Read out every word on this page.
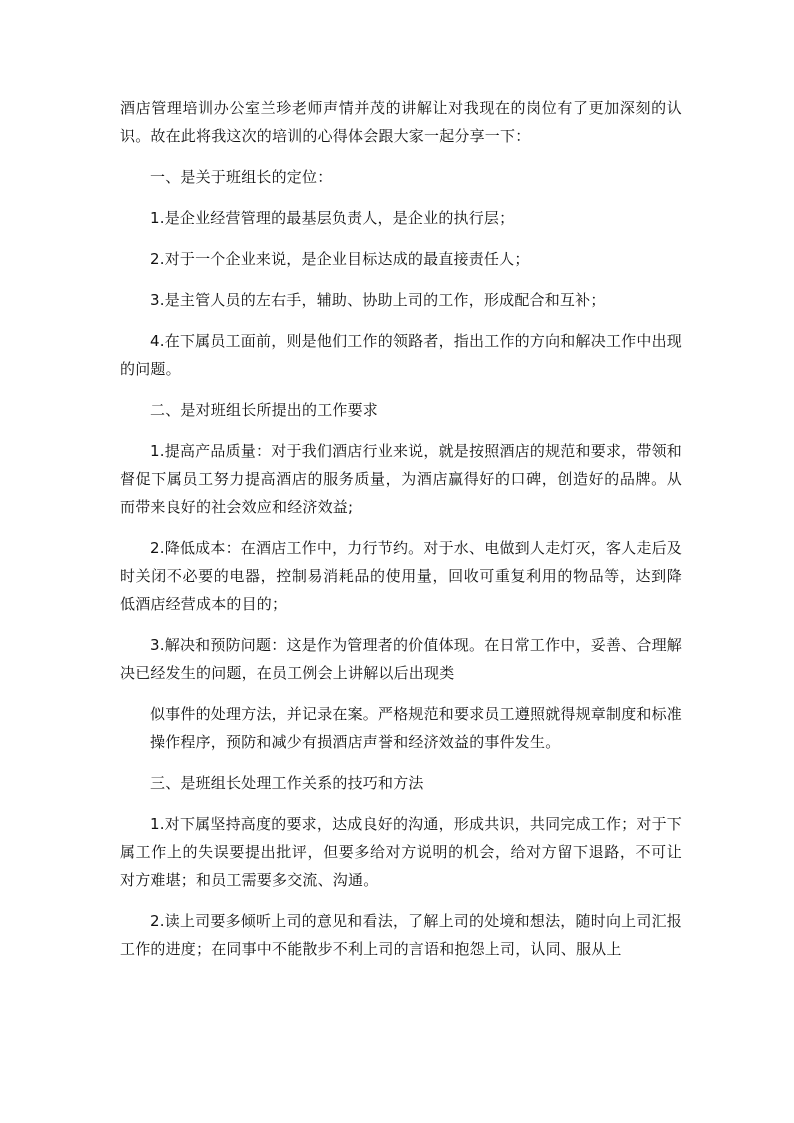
酒店管理培训办公室兰珍老师声情并茂的讲解让对我现在的岗位有了更加深刻的认识。故在此将我这次的培训的心得体会跟大家一起分享一下：

一、是关于班组长的定位：

1.是企业经营管理的最基层负责人，是企业的执行层；

2.对于一个企业来说，是企业目标达成的最直接责任人；

3.是主管人员的左右手，辅助、协助上司的工作，形成配合和互补；

4.在下属员工面前，则是他们工作的领路者，指出工作的方向和解决工作中出现的问题。

二、是对班组长所提出的工作要求

1.提高产品质量：对于我们酒店行业来说，就是按照酒店的规范和要求，带领和督促下属员工努力提高酒店的服务质量，为酒店赢得好的口碑，创造好的品牌。从而带来良好的社会效应和经济效益;

2.降低成本：在酒店工作中，力行节约。对于水、电做到人走灯灭，客人走后及时关闭不必要的电器，控制易消耗品的使用量，回收可重复利用的物品等，达到降低酒店经营成本的目的；

3.解决和预防问题：这是作为管理者的价值体现。在日常工作中，妥善、合理解决已经发生的问题，在员工例会上讲解以后出现类

似事件的处理方法，并记录在案。严格规范和要求员工遵照就得规章制度和标准操作程序，预防和减少有损酒店声誉和经济效益的事件发生。

三、是班组长处理工作关系的技巧和方法

1.对下属坚持高度的要求，达成良好的沟通，形成共识，共同完成工作；对于下属工作上的失误要提出批评，但要多给对方说明的机会，给对方留下退路，不可让对方难堪；和员工需要多交流、沟通。

2.读上司要多倾听上司的意见和看法，了解上司的处境和想法，随时向上司汇报工作的进度；在同事中不能散步不利上司的言语和抱怨上司，认同、服从上
